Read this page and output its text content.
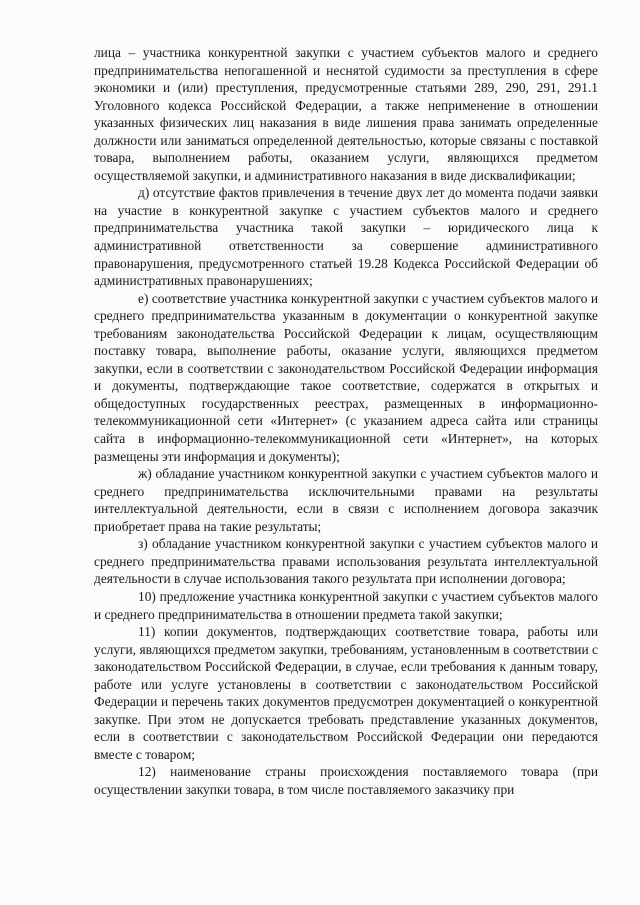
лица – участника конкурентной закупки с участием субъектов малого и среднего предпринимательства непогашенной и неснятой судимости за преступления в сфере экономики и (или) преступления, предусмотренные статьями 289, 290, 291, 291.1 Уголовного кодекса Российской Федерации, а также неприменение в отношении указанных физических лиц наказания в виде лишения права занимать определенные должности или заниматься определенной деятельностью, которые связаны с поставкой товара, выполнением работы, оказанием услуги, являющихся предметом осуществляемой закупки, и административного наказания в виде дисквалификации;

д) отсутствие фактов привлечения в течение двух лет до момента подачи заявки на участие в конкурентной закупке с участием субъектов малого и среднего предпринимательства участника такой закупки – юридического лица к административной ответственности за совершение административного правонарушения, предусмотренного статьей 19.28 Кодекса Российской Федерации об административных правонарушениях;

е) соответствие участника конкурентной закупки с участием субъектов малого и среднего предпринимательства указанным в документации о конкурентной закупке требованиям законодательства Российской Федерации к лицам, осуществляющим поставку товара, выполнение работы, оказание услуги, являющихся предметом закупки, если в соответствии с законодательством Российской Федерации информация и документы, подтверждающие такое соответствие, содержатся в открытых и общедоступных государственных реестрах, размещенных в информационно-телекоммуникационной сети «Интернет» (с указанием адреса сайта или страницы сайта в информационно-телекоммуникационной сети «Интернет», на которых размещены эти информация и документы);

ж) обладание участником конкурентной закупки с участием субъектов малого и среднего предпринимательства исключительными правами на результаты интеллектуальной деятельности, если в связи с исполнением договора заказчик приобретает права на такие результаты;

з) обладание участником конкурентной закупки с участием субъектов малого и среднего предпринимательства правами использования результата интеллектуальной деятельности в случае использования такого результата при исполнении договора;

10) предложение участника конкурентной закупки с участием субъектов малого и среднего предпринимательства в отношении предмета такой закупки;

11) копии документов, подтверждающих соответствие товара, работы или услуги, являющихся предметом закупки, требованиям, установленным в соответствии с законодательством Российской Федерации, в случае, если требования к данным товару, работе или услуге установлены в соответствии с законодательством Российской Федерации и перечень таких документов предусмотрен документацией о конкурентной закупке. При этом не допускается требовать представление указанных документов, если в соответствии с законодательством Российской Федерации они передаются вместе с товаром;

12) наименование страны происхождения поставляемого товара (при осуществлении закупки товара, в том числе поставляемого заказчику при
